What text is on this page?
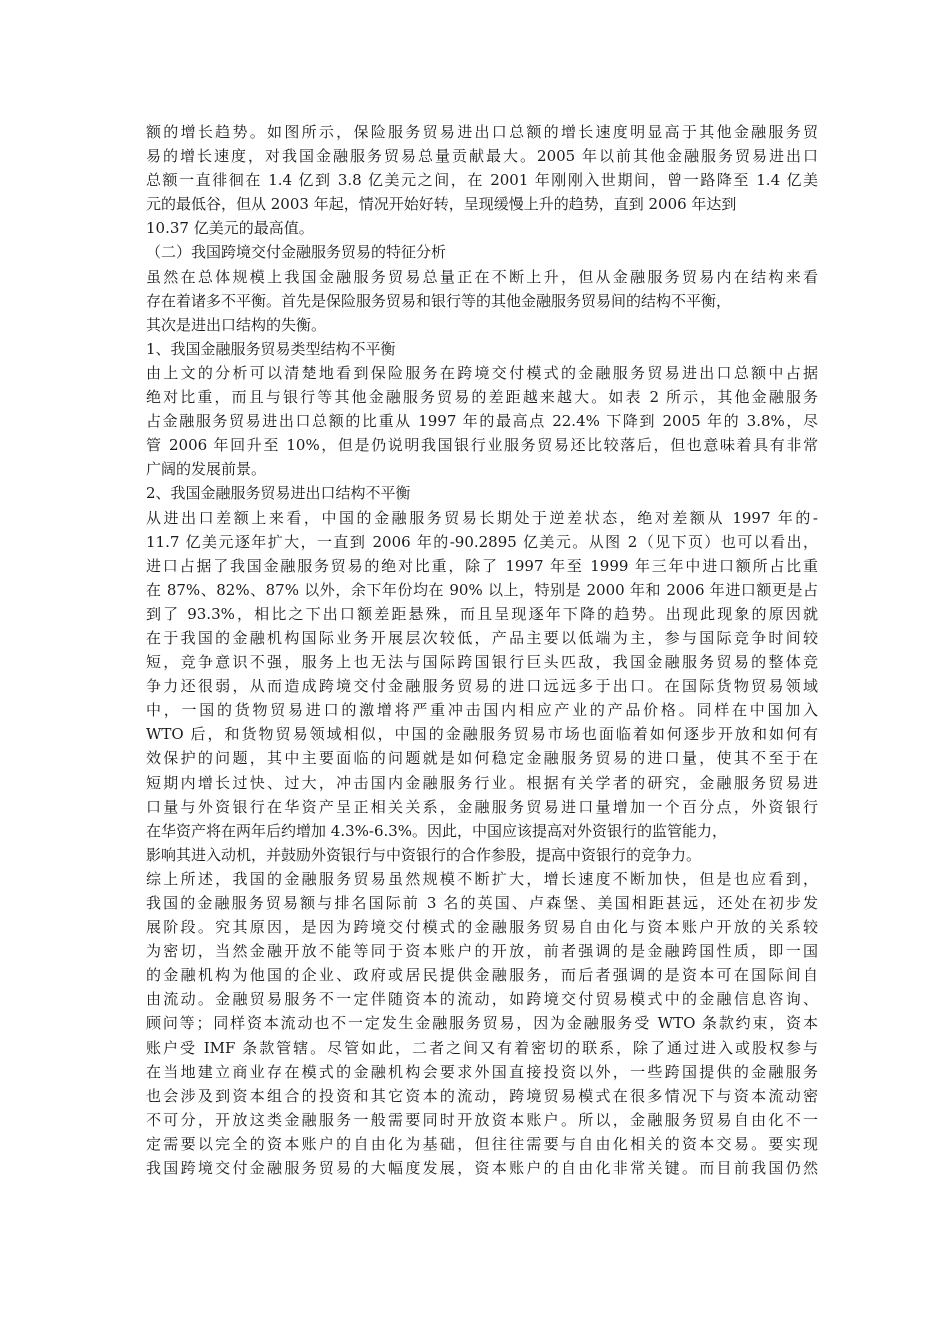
额的增长趋势。如图所示，保险服务贸易进出口总额的增长速度明显高于其他金融服务贸
易的增长速度，对我国金融服务贸易总量贡献最大。2005 年以前其他金融服务贸易进出口
总额一直徘徊在 1.4 亿到 3.8 亿美元之间，在 2001 年刚刚入世期间，曾一路降至 1.4 亿美
元的最低谷，但从 2003 年起，情况开始好转，呈现缓慢上升的趋势，直到 2006 年达到
10.37 亿美元的最高值。
（二）我国跨境交付金融服务贸易的特征分析
虽然在总体规模上我国金融服务贸易总量正在不断上升，但从金融服务贸易内在结构来看
存在着诸多不平衡。首先是保险服务贸易和银行等的其他金融服务贸易间的结构不平衡，
其次是进出口结构的失衡。
1、我国金融服务贸易类型结构不平衡
由上文的分析可以清楚地看到保险服务在跨境交付模式的金融服务贸易进出口总额中占据
绝对比重，而且与银行等其他金融服务贸易的差距越来越大。如表 2 所示，其他金融服务
占金融服务贸易进出口总额的比重从 1997 年的最高点 22.4% 下降到 2005 年的 3.8%，尽
管 2006 年回升至 10%，但是仍说明我国银行业服务贸易还比较落后，但也意味着具有非常
广阔的发展前景。
2、我国金融服务贸易进出口结构不平衡
从进出口差额上来看，中国的金融服务贸易长期处于逆差状态，绝对差额从 1997 年的-
11.7 亿美元逐年扩大，一直到 2006 年的-90.2895 亿美元。从图 2（见下页）也可以看出，
进口占据了我国金融服务贸易的绝对比重，除了 1997 年至 1999 年三年中进口额所占比重
在 87%、82%、87% 以外，余下年份均在 90% 以上，特别是 2000 年和 2006 年进口额更是占
到了 93.3%，相比之下出口额差距悬殊，而且呈现逐年下降的趋势。出现此现象的原因就
在于我国的金融机构国际业务开展层次较低，产品主要以低端为主，参与国际竞争时间较
短，竞争意识不强，服务上也无法与国际跨国银行巨头匹敌，我国金融服务贸易的整体竞
争力还很弱，从而造成跨境交付金融服务贸易的进口远远多于出口。在国际货物贸易领域
中，一国的货物贸易进口的激增将严重冲击国内相应产业的产品价格。同样在中国加入
WTO 后，和货物贸易领域相似，中国的金融服务贸易市场也面临着如何逐步开放和如何有
效保护的问题，其中主要面临的问题就是如何稳定金融服务贸易的进口量，使其不至于在
短期内增长过快、过大，冲击国内金融服务行业。根据有关学者的研究，金融服务贸易进
口量与外资银行在华资产呈正相关关系，金融服务贸易进口量增加一个百分点，外资银行
在华资产将在两年后约增加 4.3%-6.3%。因此，中国应该提高对外资银行的监管能力，
影响其进入动机，并鼓励外资银行与中资银行的合作参股，提高中资银行的竞争力。
综上所述，我国的金融服务贸易虽然规模不断扩大，增长速度不断加快，但是也应看到，
我国的金融服务贸易额与排名国际前 3 名的英国、卢森堡、美国相距甚远，还处在初步发
展阶段。究其原因，是因为跨境交付模式的金融服务贸易自由化与资本账户开放的关系较
为密切，当然金融开放不能等同于资本账户的开放，前者强调的是金融跨国性质，即一国
的金融机构为他国的企业、政府或居民提供金融服务，而后者强调的是资本可在国际间自
由流动。金融贸易服务不一定伴随资本的流动，如跨境交付贸易模式中的金融信息咨询、
顾问等；同样资本流动也不一定发生金融服务贸易，因为金融服务受 WTO 条款约束，资本
账户受 IMF 条款管辖。尽管如此，二者之间又有着密切的联系，除了通过进入或股权参与
在当地建立商业存在模式的金融机构会要求外国直接投资以外，一些跨国提供的金融服务
也会涉及到资本组合的投资和其它资本的流动，跨境贸易模式在很多情况下与资本流动密
不可分，开放这类金融服务一般需要同时开放资本账户。所以，金融服务贸易自由化不一
定需要以完全的资本账户的自由化为基础，但往往需要与自由化相关的资本交易。要实现
我国跨境交付金融服务贸易的大幅度发展，资本账户的自由化非常关键。而目前我国仍然
